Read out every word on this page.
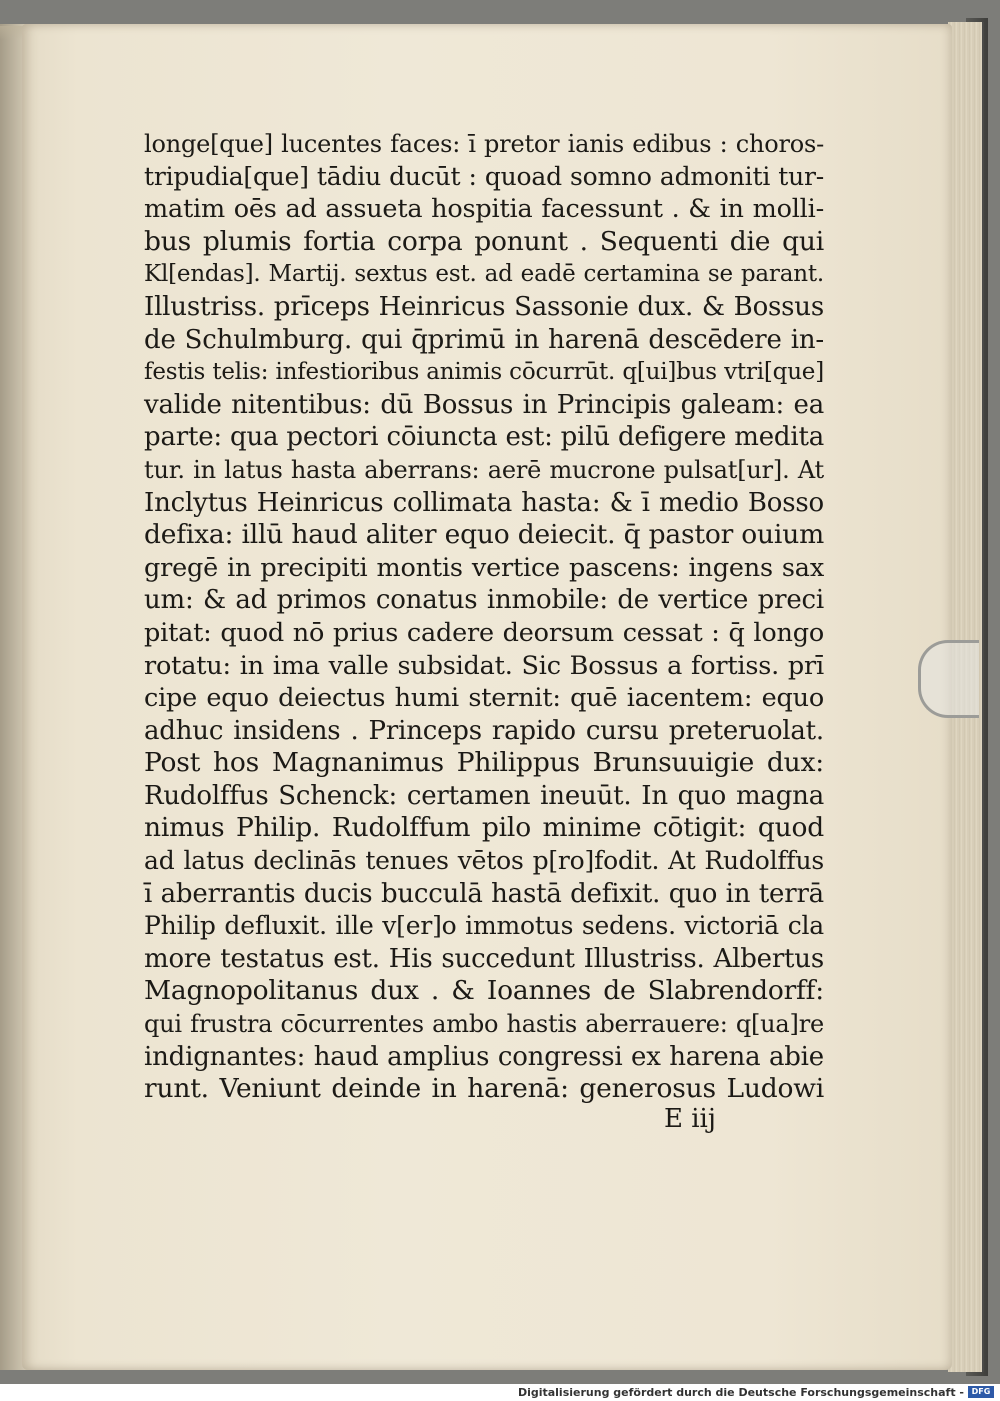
longe[que] lucentes faces: ī pretor ianis edibus : choros-
tripudia[que] tādiu ducūt : quoad somno admoniti tur-
matim oēs ad assueta hospitia facessunt . & in molli-
bus plumis fortia corpa ponunt . Sequenti die qui
Kl[endas]. Martij. sextus est. ad eadē certamina se parant.
Illustriss. prīceps Heinricus Sassonie dux. & Bossus
de Schulmburg. qui q̄primū in harenā descēdere in-
festis telis: infestioribus animis cōcurrūt. q[ui]bus vtri[que]
valide nitentibus: dū Bossus in Principis galeam: ea
parte: qua pectori cōiuncta est: pilū defigere medita
tur. in latus hasta aberrans: aerē mucrone pulsat[ur]. At
Inclytus Heinricus collimata hasta: & ī medio Bosso
defixa: illū haud aliter equo deiecit. q̄ pastor ouium
gregē in precipiti montis vertice pascens: ingens sax
um: & ad primos conatus inmobile: de vertice preci
pitat: quod nō prius cadere deorsum cessat : q̄ longo
rotatu: in ima valle subsidat. Sic Bossus a fortiss. prī
cipe equo deiectus humi sternit: quē iacentem: equo
adhuc insidens . Princeps rapido cursu preteruolat.
Post hos Magnanimus Philippus Brunsuuigie dux:
Rudolffus Schenck: certamen ineuūt. In quo magna
nimus Philip. Rudolffum pilo minime cōtigit: quod
ad latus declinās tenues vētos p[ro]fodit. At Rudolffus
ī aberrantis ducis bucculā hastā defixit. quo in terrā
Philip defluxit. ille v[er]o immotus sedens. victoriā cla
more testatus est. His succedunt Illustriss. Albertus
Magnopolitanus dux . & Ioannes de Slabrendorff:
qui frustra cōcurrentes ambo hastis aberrauere: q[ua]re
indignantes: haud amplius congressi ex harena abie
runt. Veniunt deinde in harenā: generosus Ludowi
E iij
Digitalisierung gefördert durch die Deutsche Forschungsgemeinschaft - DFG
